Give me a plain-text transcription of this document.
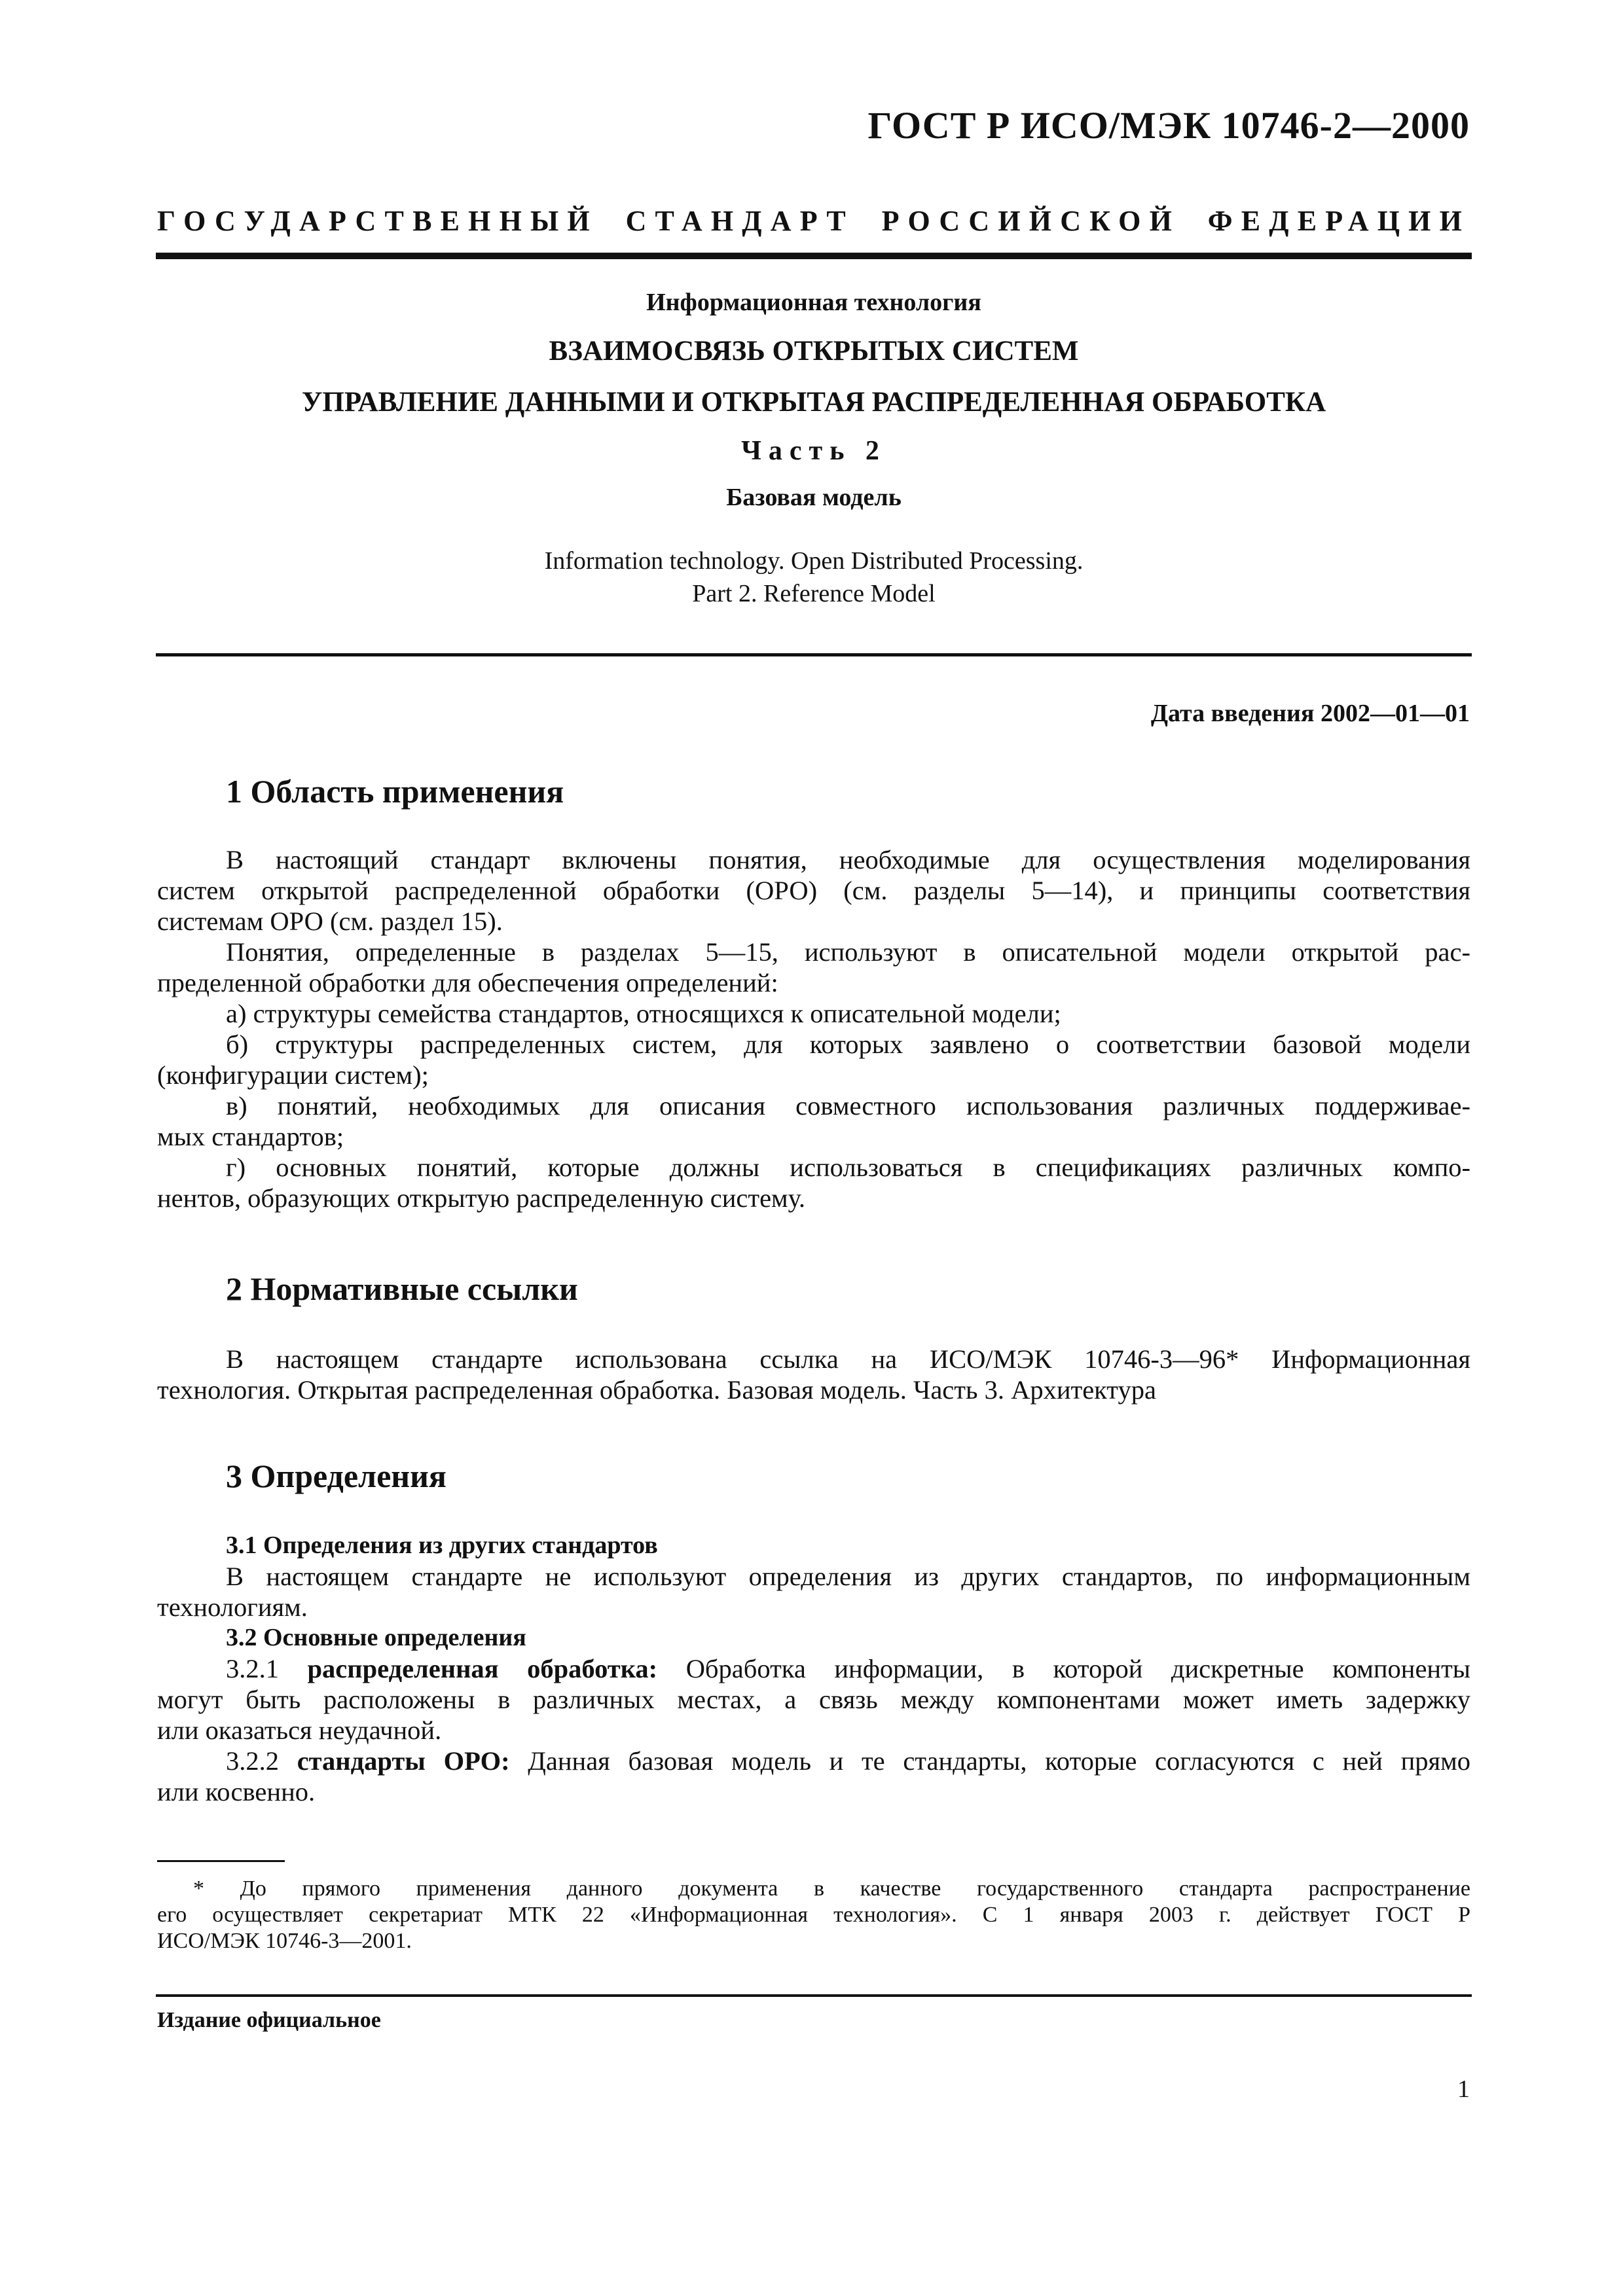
ГОСТ Р ИСО/МЭК 10746-2—2000
ГОСУДАРСТВЕННЫЙ СТАНДАРТ РОССИЙСКОЙ ФЕДЕРАЦИИ
Информационная технология
ВЗАИМОСВЯЗЬ ОТКРЫТЫХ СИСТЕМ
УПРАВЛЕНИЕ ДАННЫМИ И ОТКРЫТАЯ РАСПРЕДЕЛЕННАЯ ОБРАБОТКА
Часть 2
Базовая модель
Information technology. Open Distributed Processing.
Part 2. Reference Model
Дата введения 2002—01—01
1 Область применения
В настоящий стандарт включены понятия, необходимые для осуществления моделирования
систем открытой распределенной обработки (ОРО) (см. разделы 5—14), и принципы соответствия
системам ОРО (см. раздел 15).
Понятия, определенные в разделах 5—15, используют в описательной модели открытой рас-
пределенной обработки для обеспечения определений:
а) структуры семейства стандартов, относящихся к описательной модели;
б) структуры распределенных систем, для которых заявлено о соответствии базовой модели
(конфигурации систем);
в) понятий, необходимых для описания совместного использования различных поддерживае-
мых стандартов;
г) основных понятий, которые должны использоваться в спецификациях различных компо-
нентов, образующих открытую распределенную систему.
2 Нормативные ссылки
В настоящем стандарте использована ссылка на ИСО/МЭК 10746-3—96* Информационная
технология. Открытая распределенная обработка. Базовая модель. Часть 3. Архитектура
3 Определения
3.1 Определения из других стандартов
В настоящем стандарте не используют определения из других стандартов, по информационным
технологиям.
3.2 Основные определения
3.2.1 распределенная обработка: Обработка информации, в которой дискретные компоненты
могут быть расположены в различных местах, а связь между компонентами может иметь задержку
или оказаться неудачной.
3.2.2 стандарты ОРО: Данная базовая модель и те стандарты, которые согласуются с ней прямо
или косвенно.
* До прямого применения данного документа в качестве государственного стандарта распространение
его осуществляет секретариат МТК 22 «Информационная технология». С 1 января 2003 г. действует ГОСТ Р
ИСО/МЭК 10746-3—2001.
Издание официальное
1
